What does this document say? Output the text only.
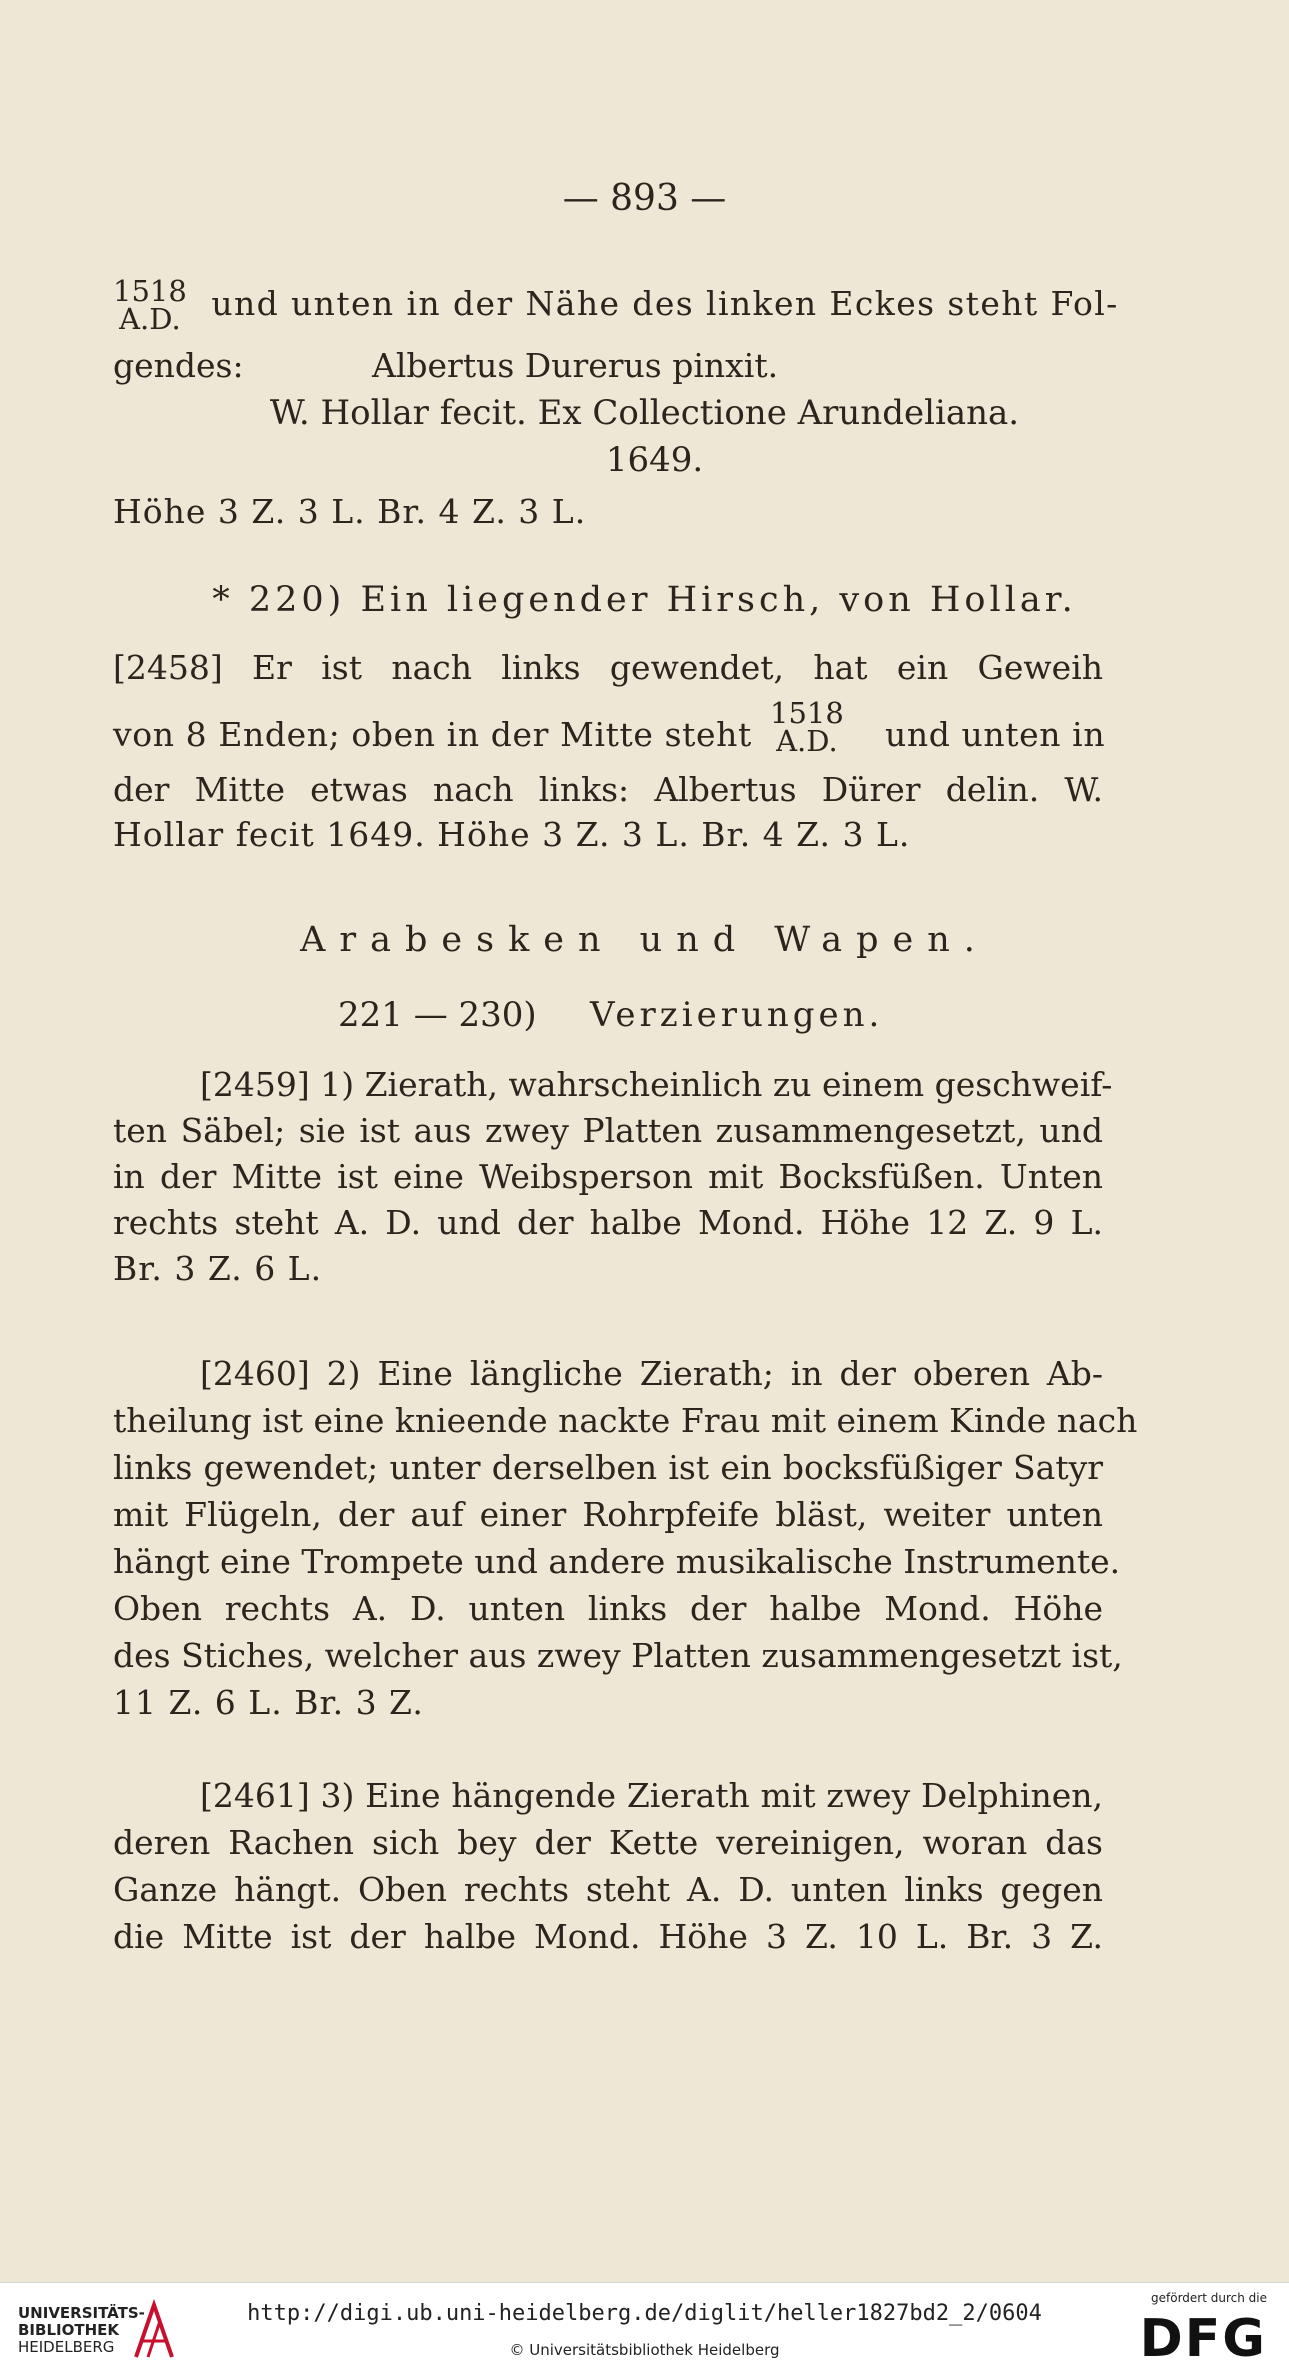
— 893 —
1518
A.D. und unten in der Nähe des linken Eckes steht Fol-
gendes:	Albertus Durerus pinxit.
W. Hollar fecit. Ex Collectione Arundeliana.
1649.
Höhe 3 Z. 3 L. Br. 4 Z. 3 L.
* 220) Ein liegender Hirsch, von Hollar.
[2458] Er ist nach links gewendet, hat ein Geweih
von 8 Enden; oben in der Mitte steht
1518
A.D. und unten in
der Mitte etwas nach links: Albertus Dürer delin. W.
Hollar fecit 1649. Höhe 3 Z. 3 L. Br. 4 Z. 3 L.
Arabesken und Wapen.
221 — 230) Verzierungen.
[2459] 1) Zierath, wahrscheinlich zu einem geschweif-
ten Säbel; sie ist aus zwey Platten zusammengesetzt, und
in der Mitte ist eine Weibsperson mit Bocksfüßen. Unten
rechts steht A. D. und der halbe Mond. Höhe 12 Z. 9 L.
Br. 3 Z. 6 L.
[2460] 2) Eine längliche Zierath; in der oberen Ab-
theilung ist eine knieende nackte Frau mit einem Kinde nach
links gewendet; unter derselben ist ein bocksfüßiger Satyr
mit Flügeln, der auf einer Rohrpfeife bläst, weiter unten
hängt eine Trompete und andere musikalische Instrumente.
Oben rechts A. D. unten links der halbe Mond. Höhe
des Stiches, welcher aus zwey Platten zusammengesetzt ist,
11 Z. 6 L. Br. 3 Z.
[2461] 3) Eine hängende Zierath mit zwey Delphinen,
deren Rachen sich bey der Kette vereinigen, woran das
Ganze hängt. Oben rechts steht A. D. unten links gegen
die Mitte ist der halbe Mond. Höhe 3 Z. 10 L. Br. 3 Z.
UNIVERSITÄTS-
BIBLIOTHEK
HEIDELBERG
http://digi.ub.uni-heidelberg.de/diglit/heller1827bd2_2/0604
© Universitätsbibliothek Heidelberg
gefördert durch die
DFG
